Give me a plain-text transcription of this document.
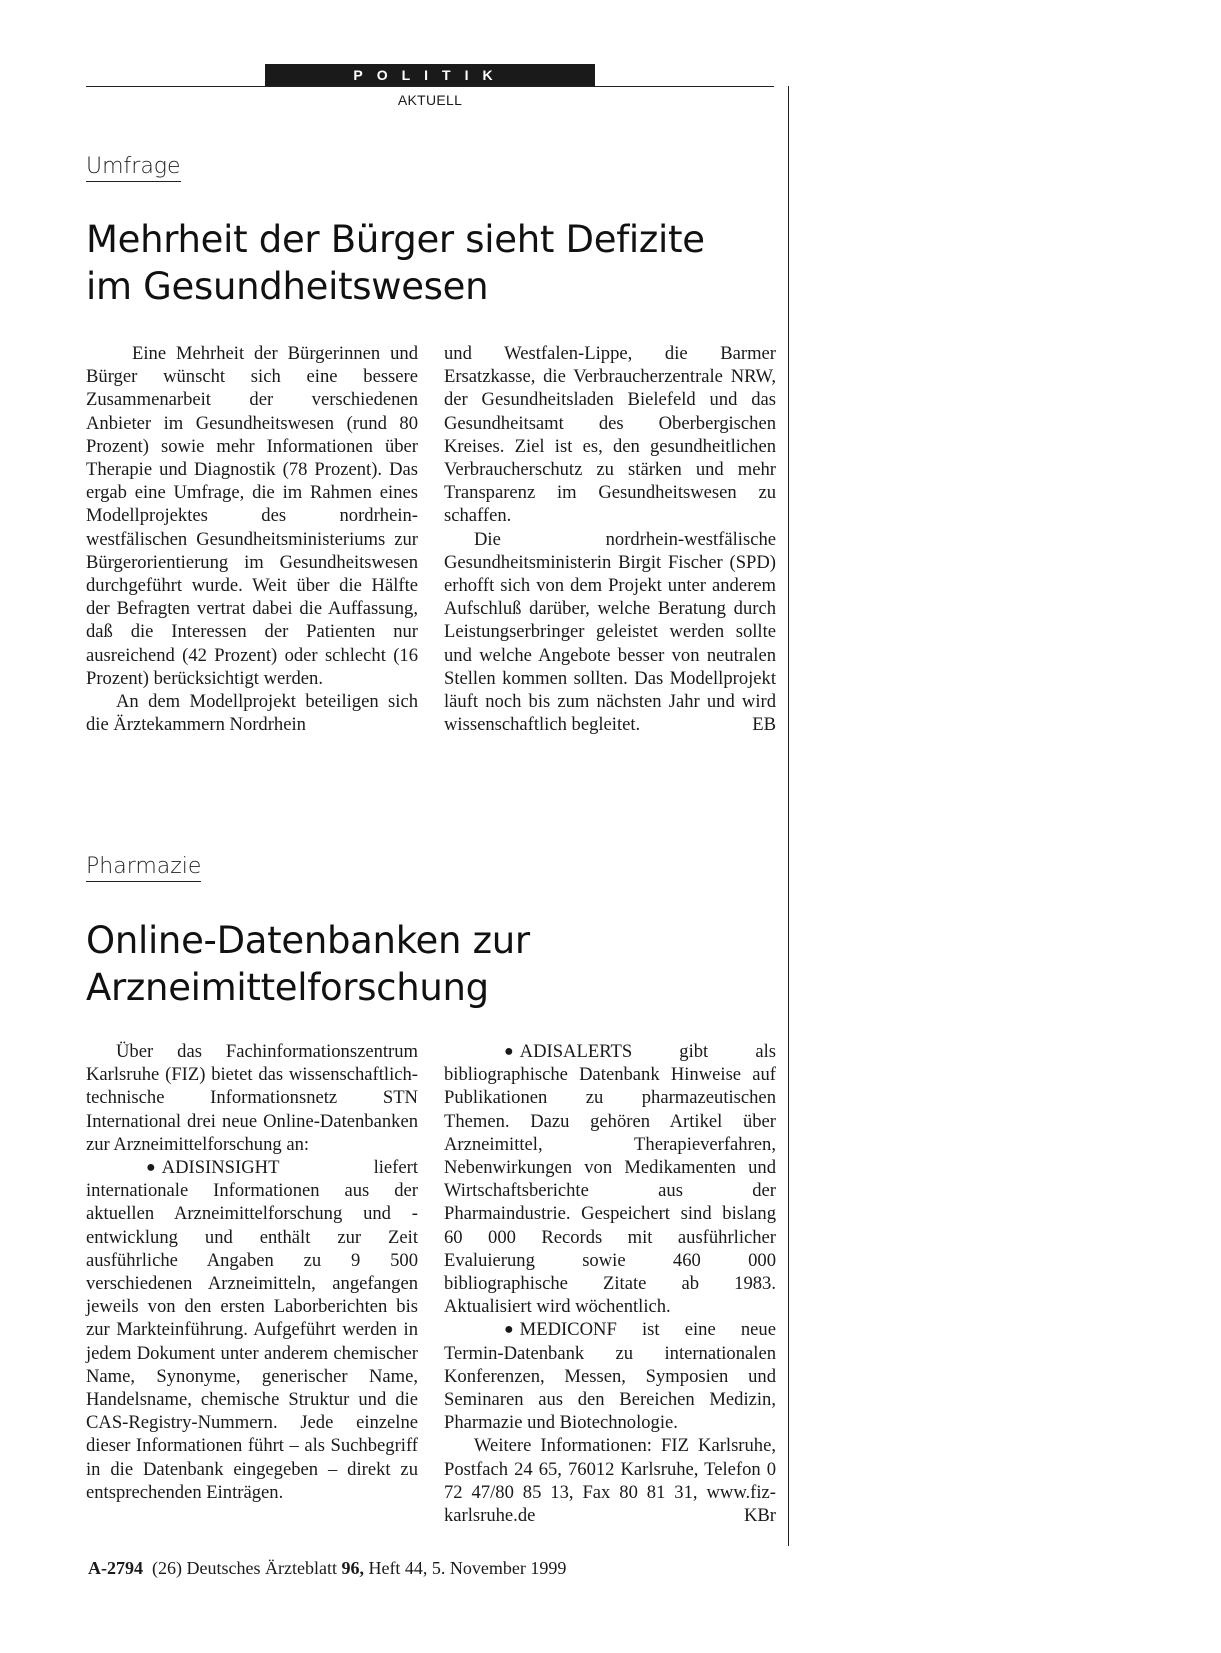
POLITIK
AKTUELL
Umfrage
Mehrheit der Bürger sieht Defizite
im Gesundheitswesen

Eine Mehrheit der Bürgerinnen und Bürger wünscht sich eine bessere Zusammenarbeit der verschiedenen Anbieter im Gesundheitswesen (rund 80 Prozent) sowie mehr Informationen über Therapie und Diagnostik (78 Prozent). Das ergab eine Umfrage, die im Rahmen eines Modellprojektes des nordrhein-westfälischen Gesundheitsministeriums zur Bürgerorientierung im Gesundheitswesen durchgeführt wurde. Weit über die Hälfte der Befragten vertrat dabei die Auffassung, daß die Interessen der Patienten nur ausreichend (42 Prozent) oder schlecht (16 Prozent) berücksichtigt werden.

An dem Modellprojekt beteiligen sich die Ärztekammern Nordrhein

und Westfalen-Lippe, die Barmer Ersatzkasse, die Verbraucherzentrale NRW, der Gesundheitsladen Bielefeld und das Gesundheitsamt des Oberbergischen Kreises. Ziel ist es, den gesundheitlichen Verbraucherschutz zu stärken und mehr Transparenz im Gesundheitswesen zu schaffen.

Die nordrhein-westfälische Gesundheitsministerin Birgit Fischer (SPD) erhofft sich von dem Projekt unter anderem Aufschluß darüber, welche Beratung durch Leistungserbringer geleistet werden sollte und welche Angebote besser von neutralen Stellen kommen sollten. Das Modellprojekt läuft noch bis zum nächsten Jahr und wird wissenschaftlich begleitet.	EB

Pharmazie
Online-Datenbanken zur
Arzneimittelforschung

Über das Fachinformationszentrum Karlsruhe (FIZ) bietet das wissenschaftlich-technische Informationsnetz STN International drei neue Online-Datenbanken zur Arzneimittelforschung an:

● ADISINSIGHT liefert internationale Informationen aus der aktuellen Arzneimittelforschung und -entwicklung und enthält zur Zeit ausführliche Angaben zu 9 500 verschiedenen Arzneimitteln, angefangen jeweils von den ersten Laborberichten bis zur Markteinführung. Aufgeführt werden in jedem Dokument unter anderem chemischer Name, Synonyme, generischer Name, Handelsname, chemische Struktur und die CAS-Registry-Nummern. Jede einzelne dieser Informationen führt – als Suchbegriff in die Datenbank eingegeben – direkt zu entsprechenden Einträgen.

● ADISALERTS gibt als bibliographische Datenbank Hinweise auf Publikationen zu pharmazeutischen Themen. Dazu gehören Artikel über Arzneimittel, Therapieverfahren, Nebenwirkungen von Medikamenten und Wirtschaftsberichte aus der Pharmaindustrie. Gespeichert sind bislang 60 000 Records mit ausführlicher Evaluierung sowie 460 000 bibliographische Zitate ab 1983. Aktualisiert wird wöchentlich.

● MEDICONF ist eine neue Termin-Datenbank zu internationalen Konferenzen, Messen, Symposien und Seminaren aus den Bereichen Medizin, Pharmazie und Biotechnologie.

Weitere Informationen: FIZ Karlsruhe, Postfach 24 65, 76012 Karlsruhe, Telefon 0 72 47/80 85 13, Fax 80 81 31, www.fiz-karlsruhe.de	KBr

A-2794 (26) Deutsches Ärzteblatt 96, Heft 44, 5. November 1999
